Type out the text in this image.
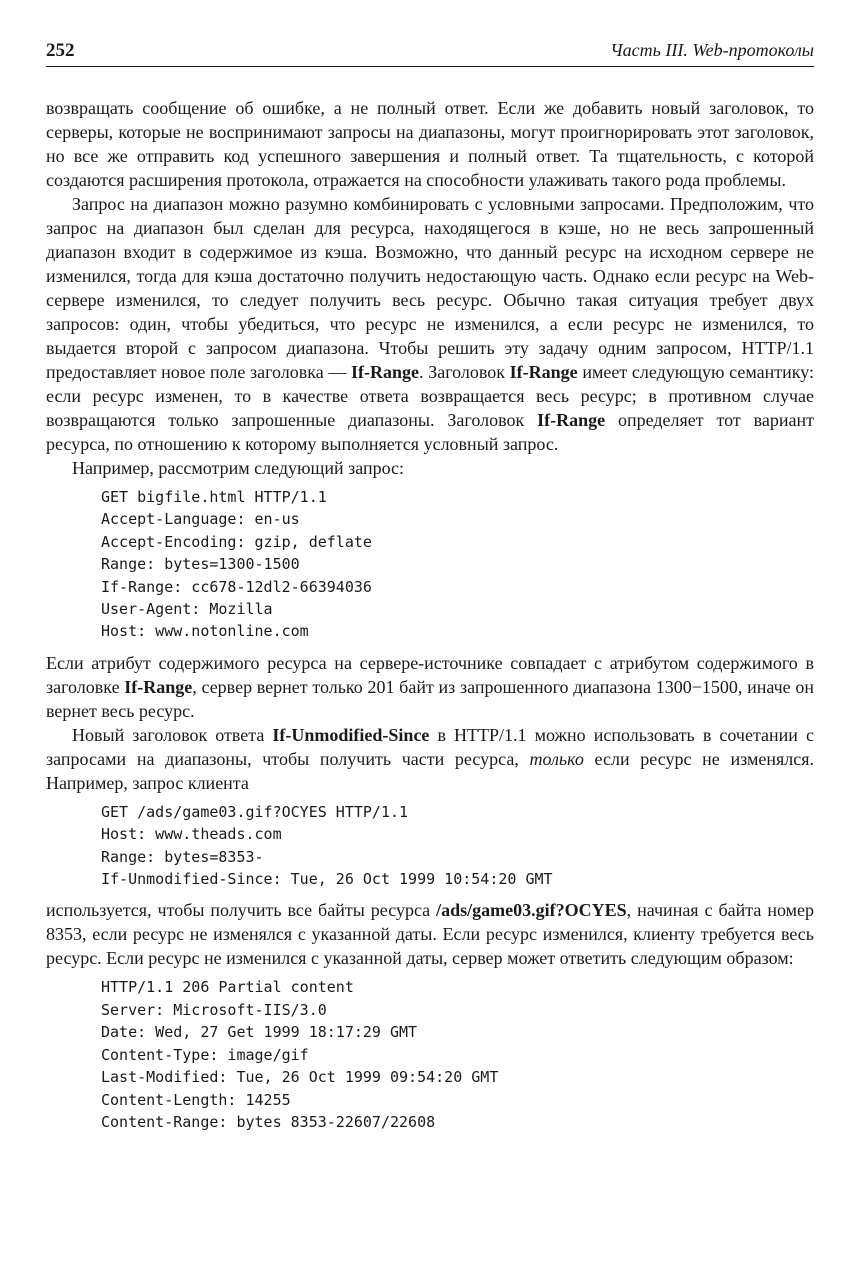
252	Часть III. Web-протоколы

возвращать сообщение об ошибке, а не полный ответ. Если же добавить новый заголовок, то серверы, которые не воспринимают запросы на диапазоны, могут проигнорировать этот заголовок, но все же отправить код успешного завершения и полный ответ. Та тщательность, с которой создаются расширения протокола, отражается на способности улаживать такого рода проблемы.

Запрос на диапазон можно разумно комбинировать с условными запросами. Предположим, что запрос на диапазон был сделан для ресурса, находящегося в кэше, но не весь запрошенный диапазон входит в содержимое из кэша. Возможно, что данный ресурс на исходном сервере не изменился, тогда для кэша достаточно получить недостающую часть. Однако если ресурс на Web-сервере изменился, то следует получить весь ресурс. Обычно такая ситуация требует двух запросов: один, чтобы убедиться, что ресурс не изменился, а если ресурс не изменился, то выдается второй с запросом диапазона. Чтобы решить эту задачу одним запросом, HTTP/1.1 предоставляет новое поле заголовка — If-Range. Заголовок If-Range имеет следующую семантику: если ресурс изменен, то в качестве ответа возвращается весь ресурс; в противном случае возвращаются только запрошенные диапазоны. Заголовок If-Range определяет тот вариант ресурса, по отношению к которому выполняется условный запрос.

Например, рассмотрим следующий запрос:

GET bigfile.html HTTP/1.1
Accept-Language: en-us
Accept-Encoding: gzip, deflate
Range: bytes=1300-1500
If-Range: cc678-12dl2-66394036
User-Agent: Mozilla
Host: www.notonline.com

Если атрибут содержимого ресурса на сервере-источнике совпадает с атрибутом содержимого в заголовке If-Range, сервер вернет только 201 байт из запрошенного диапазона 1300−1500, иначе он вернет весь ресурс.

Новый заголовок ответа If-Unmodified-Since в HTTP/1.1 можно использовать в сочетании с запросами на диапазоны, чтобы получить части ресурса, только если ресурс не изменялся. Например, запрос клиента

GET /ads/game03.gif?OCYES HTTP/1.1
Host: www.theads.com
Range: bytes=8353-
If-Unmodified-Since: Tue, 26 Oct 1999 10:54:20 GMT

используется, чтобы получить все байты ресурса /ads/game03.gif?OCYES, начиная с байта номер 8353, если ресурс не изменялся с указанной даты. Если ресурс изменился, клиенту требуется весь ресурс. Если ресурс не изменился с указанной даты, сервер может ответить следующим образом:

HTTP/1.1 206 Partial content
Server: Microsoft-IIS/3.0
Date: Wed, 27 Get 1999 18:17:29 GMT
Content-Type: image/gif
Last-Modified: Tue, 26 Oct 1999 09:54:20 GMT
Content-Length: 14255
Content-Range: bytes 8353-22607/22608
